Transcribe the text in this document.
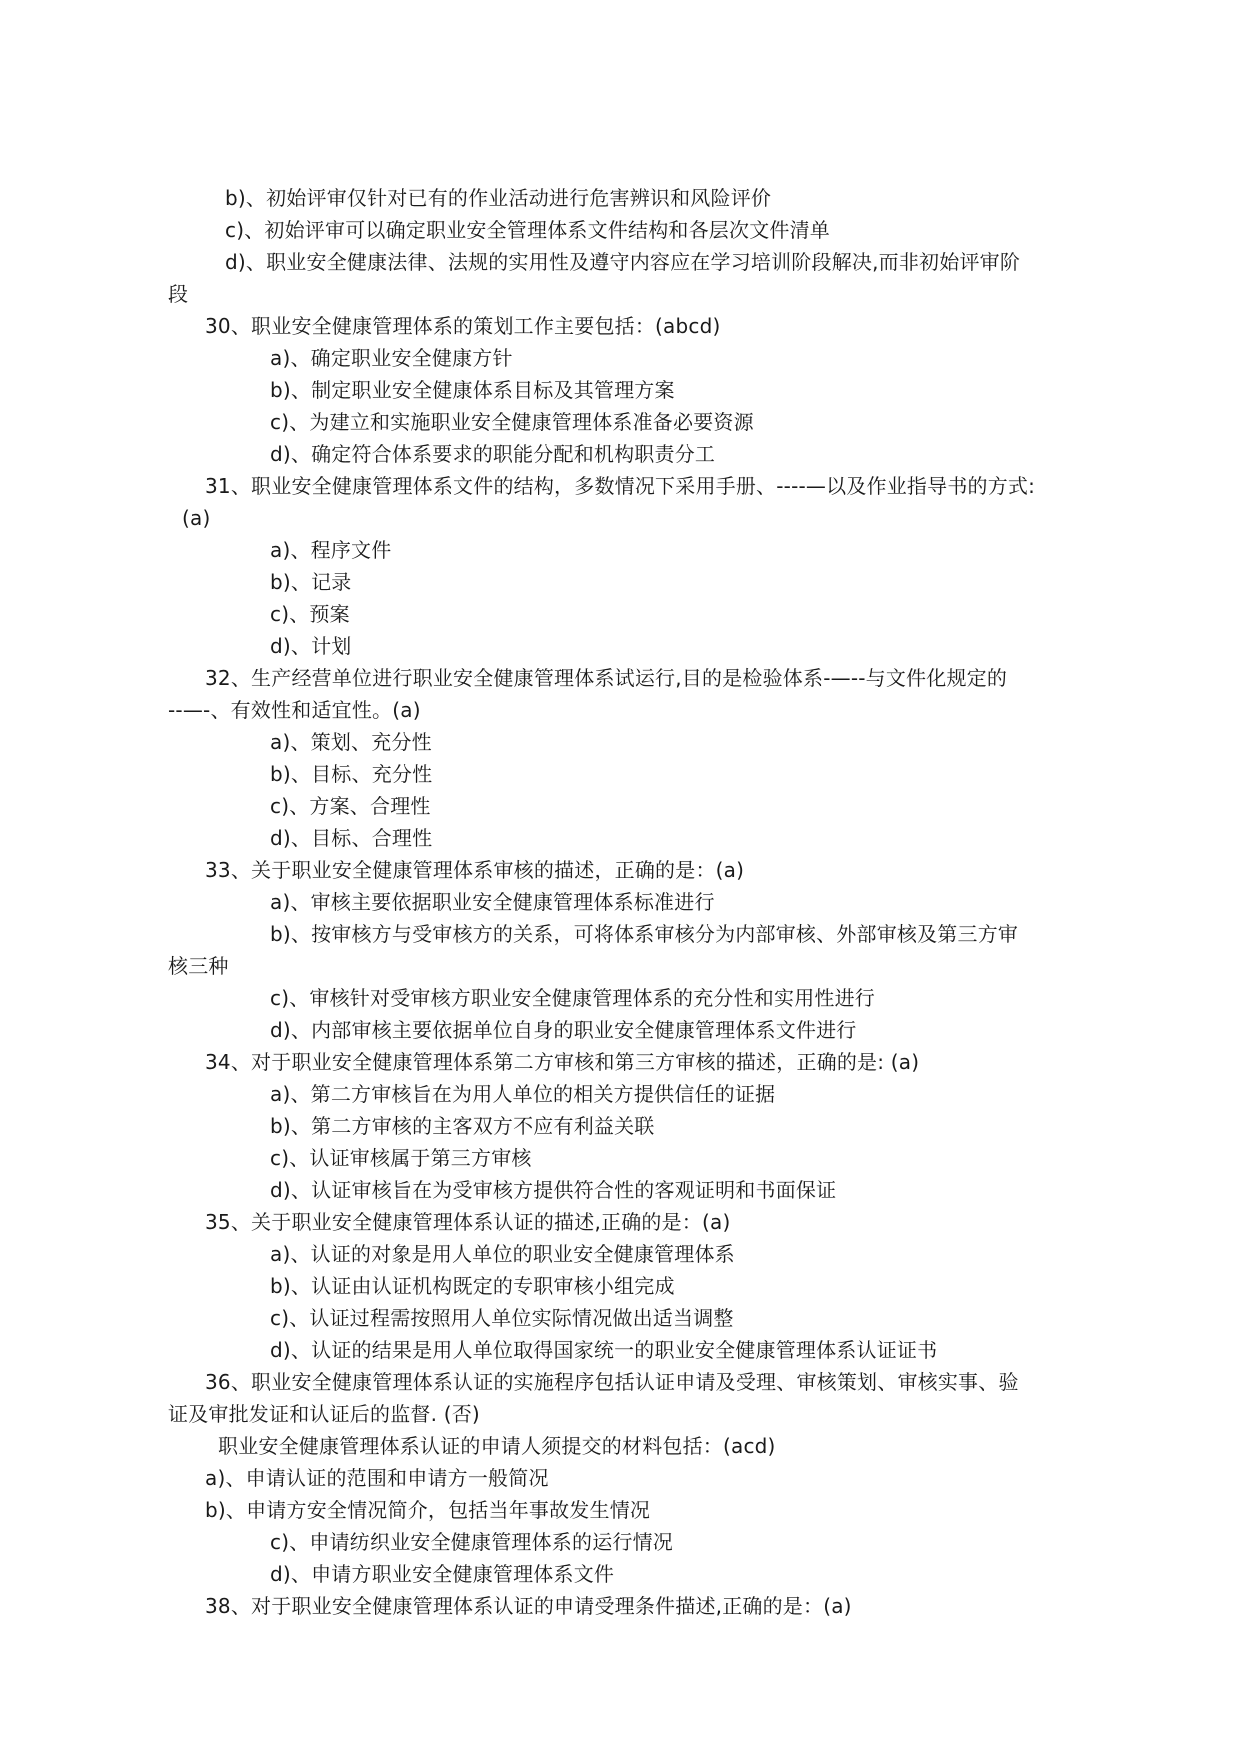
b)、初始评审仅针对已有的作业活动进行危害辨识和风险评价
c)、初始评审可以确定职业安全管理体系文件结构和各层次文件清单
d)、职业安全健康法律、法规的实用性及遵守内容应在学习培训阶段解决,而非初始评审阶
段
30、职业安全健康管理体系的策划工作主要包括：(abcd)
a)、确定职业安全健康方针
b)、制定职业安全健康体系目标及其管理方案
c)、为建立和实施职业安全健康管理体系准备必要资源
d)、确定符合体系要求的职能分配和机构职责分工
31、职业安全健康管理体系文件的结构，多数情况下采用手册、----—以及作业指导书的方式:
(a)
a)、程序文件
b)、记录
c)、预案
d)、计划
32、生产经营单位进行职业安全健康管理体系试运行,目的是检验体系-—--与文件化规定的
--—-、有效性和适宜性。(a)
a)、策划、充分性
b)、目标、充分性
c)、方案、合理性
d)、目标、合理性
33、关于职业安全健康管理体系审核的描述，正确的是：(a)
a)、审核主要依据职业安全健康管理体系标准进行
b)、按审核方与受审核方的关系，可将体系审核分为内部审核、外部审核及第三方审
核三种
c)、审核针对受审核方职业安全健康管理体系的充分性和实用性进行
d)、内部审核主要依据单位自身的职业安全健康管理体系文件进行
34、对于职业安全健康管理体系第二方审核和第三方审核的描述，正确的是: (a)
a)、第二方审核旨在为用人单位的相关方提供信任的证据
b)、第二方审核的主客双方不应有利益关联
c)、认证审核属于第三方审核
d)、认证审核旨在为受审核方提供符合性的客观证明和书面保证
35、关于职业安全健康管理体系认证的描述,正确的是：(a)
a)、认证的对象是用人单位的职业安全健康管理体系
b)、认证由认证机构既定的专职审核小组完成
c)、认证过程需按照用人单位实际情况做出适当调整
d)、认证的结果是用人单位取得国家统一的职业安全健康管理体系认证证书
36、职业安全健康管理体系认证的实施程序包括认证申请及受理、审核策划、审核实事、验
证及审批发证和认证后的监督. (否)
职业安全健康管理体系认证的申请人须提交的材料包括：(acd)
a)、申请认证的范围和申请方一般简况
b)、申请方安全情况简介，包括当年事故发生情况
c)、申请纺织业安全健康管理体系的运行情况
d)、申请方职业安全健康管理体系文件
38、对于职业安全健康管理体系认证的申请受理条件描述,正确的是：(a)
